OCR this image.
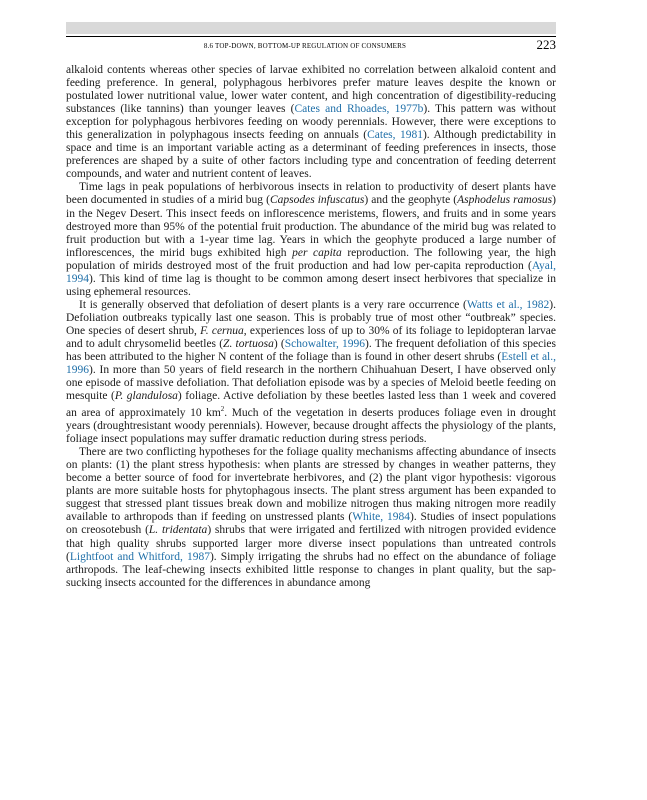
8.6 TOP-DOWN, BOTTOM-UP REGULATION OF CONSUMERS	223

alkaloid contents whereas other species of larvae exhibited no correlation between alkaloid content and feeding preference. In general, polyphagous herbivores prefer mature leaves despite the known or postulated lower nutritional value, lower water content, and high concentration of digestibility-reducing substances (like tannins) than younger leaves (Cates and Rhoades, 1977b). This pattern was without exception for polyphagous herbivores feeding on woody perennials. However, there were exceptions to this generalization in polyphagous insects feeding on annuals (Cates, 1981). Although predictability in space and time is an important variable acting as a determinant of feeding preferences in insects, those preferences are shaped by a suite of other factors including type and concentration of feeding deterrent compounds, and water and nutrient content of leaves.

Time lags in peak populations of herbivorous insects in relation to productivity of desert plants have been documented in studies of a mirid bug (Capsodes infuscatus) and the geophyte (Asphodelus ramosus) in the Negev Desert. This insect feeds on inflorescence meristems, flowers, and fruits and in some years destroyed more than 95% of the potential fruit production. The abundance of the mirid bug was related to fruit production but with a 1-year time lag. Years in which the geophyte produced a large number of inflorescences, the mirid bugs exhibited high per capita reproduction. The following year, the high population of mirids destroyed most of the fruit production and had low per-capita reproduction (Ayal, 1994). This kind of time lag is thought to be common among desert insect herbivores that specialize in using ephemeral resources.

It is generally observed that defoliation of desert plants is a very rare occurrence (Watts et al., 1982). Defoliation outbreaks typically last one season. This is probably true of most other “outbreak” species. One species of desert shrub, F. cernua, experiences loss of up to 30% of its foliage to lepidopteran larvae and to adult chrysomelid beetles (Z. tortuosa) (Schowalter, 1996). The frequent defoliation of this species has been attributed to the higher N content of the foliage than is found in other desert shrubs (Estell et al., 1996). In more than 50 years of field research in the northern Chihuahuan Desert, I have observed only one episode of massive defoliation. That defoliation episode was by a species of Meloid beetle feeding on mesquite (P. glandulosa) foliage. Active defoliation by these beetles lasted less than 1 week and covered an area of approximately 10 $km^2$. Much of the vegetation in deserts produces foliage even in drought years (droughtresistant woody perennials). However, because drought affects the physiology of the plants, foliage insect populations may suffer dramatic reduction during stress periods.

There are two conflicting hypotheses for the foliage quality mechanisms affecting abundance of insects on plants: (1) the plant stress hypothesis: when plants are stressed by changes in weather patterns, they become a better source of food for invertebrate herbivores, and (2) the plant vigor hypothesis: vigorous plants are more suitable hosts for phytophagous insects. The plant stress argument has been expanded to suggest that stressed plant tissues break down and mobilize nitrogen thus making nitrogen more readily available to arthropods than if feeding on unstressed plants (White, 1984). Studies of insect populations on creosotebush (L. tridentata) shrubs that were irrigated and fertilized with nitrogen provided evidence that high quality shrubs supported larger more diverse insect populations than untreated controls (Lightfoot and Whitford, 1987). Simply irrigating the shrubs had no effect on the abundance of foliage arthropods. The leaf-chewing insects exhibited little response to changes in plant quality, but the sap-sucking insects accounted for the differences in abundance among
